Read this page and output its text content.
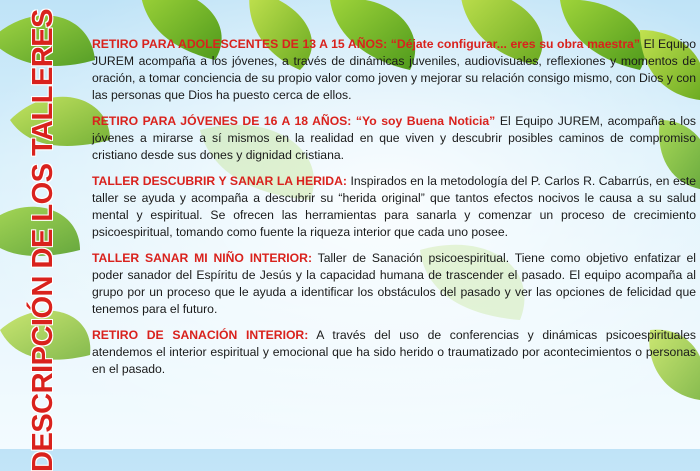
DESCRIPCIÓN DE LOS TALLERES	RETIRO PARA ADOLESCENTES DE 13 A 15 AÑOS: “Déjate configurar... eres su obra maestra” El Equipo JUREM acompaña a los jóvenes, a través de dinámicas juveniles, audiovisuales, reflexiones y momentos de oración, a tomar conciencia de su propio valor como joven y mejorar su relación consigo mismo, con Dios y con las personas que Dios ha puesto cerca de ellos.

RETIRO PARA JÓVENES DE 16 A 18 AÑOS: “Yo soy Buena Noticia” El Equipo JUREM, acompaña a los jóvenes a mirarse a sí mismos en la realidad en que viven y descubrir posibles caminos de compromiso cristiano desde sus dones y dignidad cristiana.

TALLER DESCUBRIR Y SANAR LA HERIDA: Inspirados en la metodología del P. Carlos R. Cabarrús, en este taller se ayuda y acompaña a descubrir su “herida original” que tantos efectos nocivos le causa a su salud mental y espiritual. Se ofrecen las herramientas para sanarla y comenzar un proceso de crecimiento psicoespiritual, tomando como fuente la riqueza interior que cada uno posee.

TALLER SANAR MI NIÑO INTERIOR: Taller de Sanación psicoespiritual. Tiene como objetivo enfatizar el poder sanador del Espíritu de Jesús y la capacidad humana de trascender el pasado. El equipo acompaña al grupo por un proceso que le ayuda a identificar los obstáculos del pasado y ver las opciones de felicidad que tenemos para el futuro.

RETIRO DE SANACIÓN INTERIOR: A través del uso de conferencias y dinámicas psicoespirituales atendemos el interior espiritual y emocional que ha sido herido o traumatizado por acontecimientos o personas en el pasado.
